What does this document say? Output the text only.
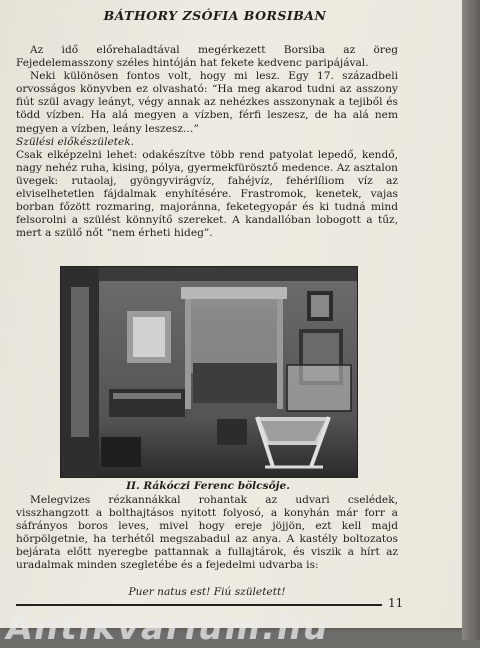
BÁTHORY ZSÓFIA BORSIBAN

Az idő előrehaladtával megérkezett Borsiba az öreg Fejedelemasszony széles hintóján hat fekete kedvenc paripájával.

Neki különösen fontos volt, hogy mi lesz. Egy 17. századbeli orvosságos könyvben ez olvasható: “Ha meg akarod tudni az asszony fiút szül avagy leányt, végy annak az nehézkes asszonynak a tejiből és tödd vízben. Ha alá megyen a vízben, férfi leszesz, de ha alá nem megyen a vízben, leány leszesz…”

Szülési előkészületek.

Csak elképzelni lehet: odakészítve több rend patyolat lepedő, kendő, nagy nehéz ruha, kising, pólya, gyermekfürösztő medence. Az asztalon üvegek: rutaolaj, gyöngyvirágvíz, fahéjvíz, fehérlíliom víz az elviselhetetlen fájdalmak enyhítésére. Frastromok, kenetek, vajas borban főzött rozmaring, majoránna, feketegyopár és ki tudná mind felsorolni a szülést könnyítő szereket. A kandallóban lobogott a tűz, mert a szülő nőt “nem érheti hideg”.

II. Rákóczi Ferenc bölcsője.

Melegvizes rézkannákkal rohantak az udvari cselédek, visszhangzott a bolthajtásos nyitott folyosó, a konyhán már forr a sáfrányos boros leves, mivel hogy ereje jöjjön, ezt kell majd hörpölgetnie, ha terhétől megszabadul az anya. A kastély boltozatos bejárata előtt nyeregbe pattannak a fullajtárok, és viszik a hírt az uradalmak minden szegletébe és a fejedelmi udvarba is:

Puer natus est! Fiú született!
11
Antikvarium.hu
